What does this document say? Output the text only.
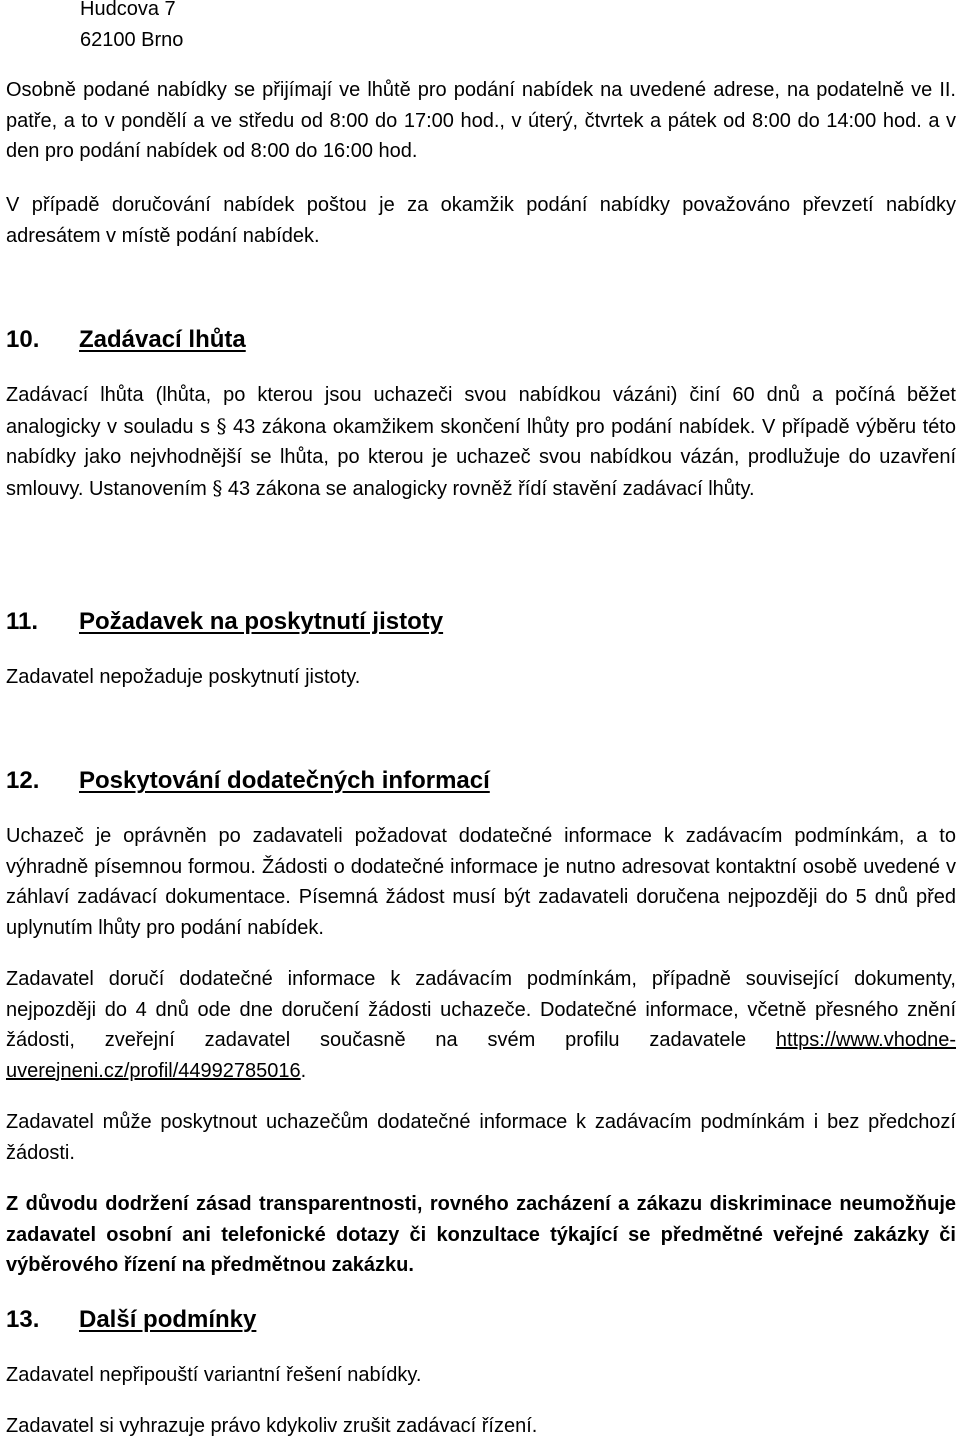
Hudcova 7
62100 Brno
Osobně podané nabídky se přijímají ve lhůtě pro podání nabídek na uvedené adrese, na podatelně ve II. patře, a to v pondělí a ve středu od 8:00 do 17:00 hod., v úterý, čtvrtek a pátek od 8:00 do 14:00 hod. a v den pro podání nabídek od 8:00 do 16:00 hod.
V případě doručování nabídek poštou je za okamžik podání nabídky považováno převzetí nabídky adresátem v místě podání nabídek.
10. Zadávací lhůta
Zadávací lhůta (lhůta, po kterou jsou uchazeči svou nabídkou vázáni) činí 60 dnů a počíná běžet analogicky v souladu s § 43 zákona okamžikem skončení lhůty pro podání nabídek. V případě výběru této nabídky jako nejvhodnější se lhůta, po kterou je uchazeč svou nabídkou vázán, prodlužuje do uzavření smlouvy. Ustanovením § 43 zákona se analogicky rovněž řídí stavění zadávací lhůty.
11. Požadavek na poskytnutí jistoty
Zadavatel nepožaduje poskytnutí jistoty.
12. Poskytování dodatečných informací
Uchazeč je oprávněn po zadavateli požadovat dodatečné informace k zadávacím podmínkám, a to výhradně písemnou formou. Žádosti o dodatečné informace je nutno adresovat kontaktní osobě uvedené v záhlaví zadávací dokumentace. Písemná žádost musí být zadavateli doručena nejpozději do 5 dnů před uplynutím lhůty pro podání nabídek.
Zadavatel doručí dodatečné informace k zadávacím podmínkám, případně související dokumenty, nejpozději do 4 dnů ode dne doručení žádosti uchazeče. Dodatečné informace, včetně přesného znění žádosti, zveřejní zadavatel současně na svém profilu zadavatele https://www.vhodne-uverejneni.cz/profil/44992785016.
Zadavatel může poskytnout uchazečům dodatečné informace k zadávacím podmínkám i bez předchozí žádosti.
Z důvodu dodržení zásad transparentnosti, rovného zacházení a zákazu diskriminace neumožňuje zadavatel osobní ani telefonické dotazy či konzultace týkající se předmětné veřejné zakázky či výběrového řízení na předmětnou zakázku.
13. Další podmínky
Zadavatel nepřipouští variantní řešení nabídky.
Zadavatel si vyhrazuje právo kdykoliv zrušit zadávací řízení.
